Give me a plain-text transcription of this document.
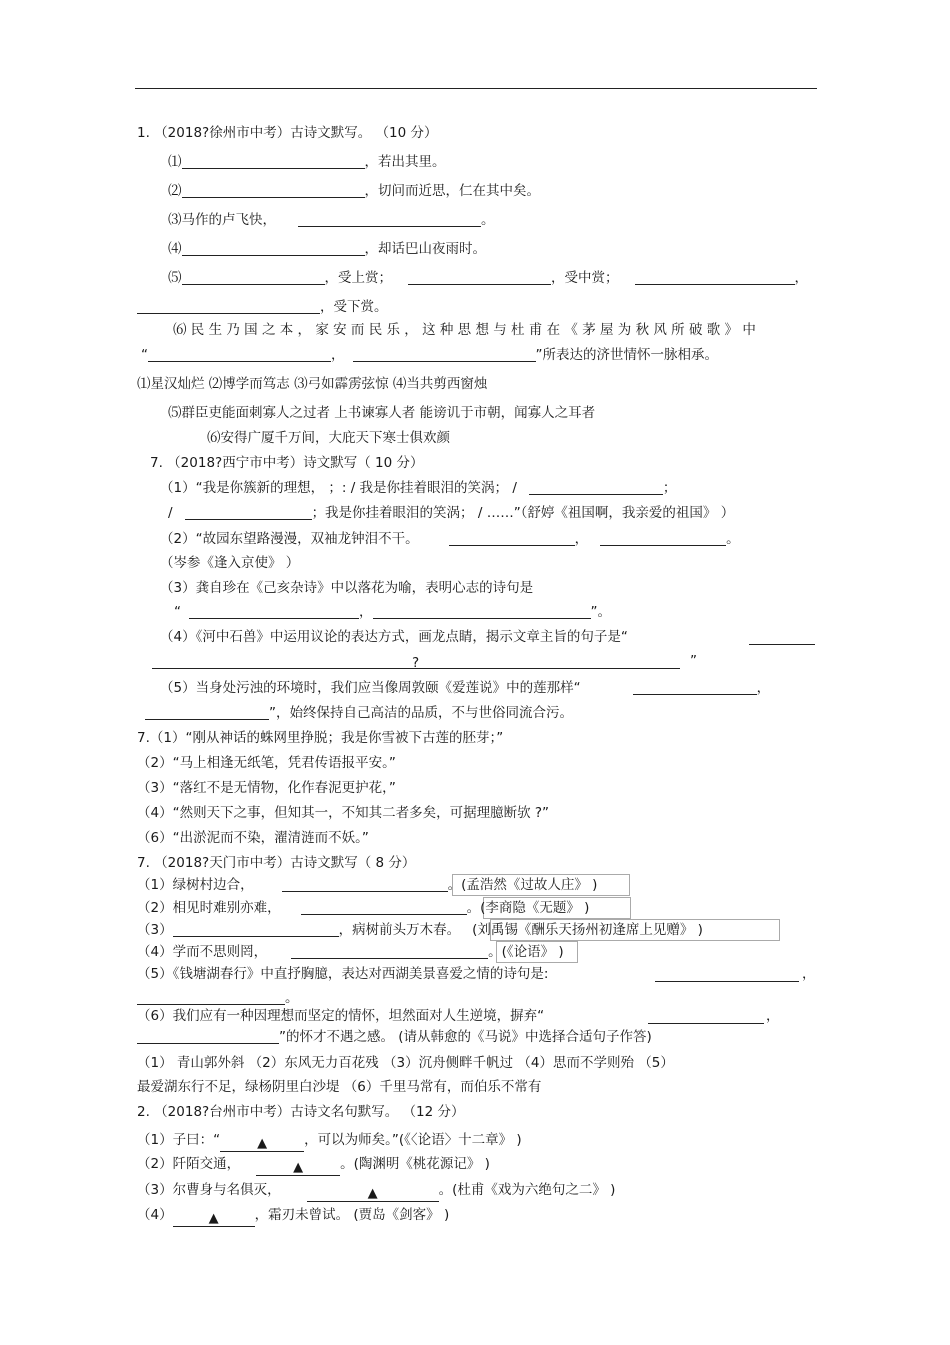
1. （2018?徐州市中考）古诗文默写。 （10 分）
⑴	，若出其里。
⑵	，切问而近思，仁在其中矣。
⑶马作的卢飞快，	。
⑷	，却话巴山夜雨时。
⑸	，受上赏；	，受中赏；	，
，受下赏。
⑹ 民 生 乃 国 之 本 ， 家 安 而 民 乐 ， 这 种 思 想 与 杜 甫 在 《 茅 屋 为 秋 风 所 破 歌 》 中
“	，	”所表达的济世情怀一脉相承。
⑴星汉灿烂 ⑵博学而笃志 ⑶弓如霹雳弦惊 ⑷当共剪西窗烛
⑸群臣吏能面刺寡人之过者 上书谏寡人者 能谤讥于市朝，闻寡人之耳者
⑹安得广厦千万间，大庇天下寒士俱欢颜
7. （2018?西宁市中考）诗文默写（ 10 分）
（1）“我是你簇新的理想， ；: / 我是你挂着眼泪的笑涡； /	；
/	；我是你挂着眼泪的笑涡； / ……”（舒婷《祖国啊，我亲爱的祖国》 ）
（2）“故园东望路漫漫，双袖龙钟泪不干。	，	。
（岑参《逢入京使》 ）
（3）龚自珍在《己亥杂诗》中以落花为喻，表明心志的诗句是
“	，	”。
（4）《河中石兽》中运用议论的表达方式，画龙点睛，揭示文章主旨的句子是“
?	”
（5）当身处污浊的环境时，我们应当像周敦颐《爱莲说》中的莲那样“	，
”，始终保持自己高洁的品质，不与世俗同流合污。
7.（1）“刚从神话的蛛网里挣脱；我是你雪被下古莲的胚芽；”
（2）“马上相逢无纸笔，凭君传语报平安。”
（3）“落红不是无情物，化作春泥更护花，”
（4）“然则天下之事，但知其一，不知其二者多矣，可据理臆断欤 ?”
（6）“出淤泥而不染，濯清涟而不妖。”
7. （2018?天门市中考）古诗文默写（ 8 分）
（1）绿树村边合，	。(孟浩然《过故人庄》 )
（2）相见时难别亦难，	。(李商隐《无题》 )
（3）	，病树前头万木春。 (刘禹锡《酬乐天扬州初逢席上见赠》 )
（4）学而不思则罔，	。(《论语》 )
（5）《钱塘湖春行》中直抒胸臆，表达对西湖美景喜爱之情的诗句是:	，
。
（6）我们应有一种因理想而坚定的情怀，坦然面对人生逆境，摒弃“	，
”的怀才不遇之感。 (请从韩愈的《马说》中选择合适句子作答)
（1） 青山郭外斜 （2）东风无力百花残 （3）沉舟侧畔千帆过 （4）思而不学则殆 （5）
最爱湖东行不足，绿杨阴里白沙堤 （6）千里马常有，而伯乐不常有
2. （2018?台州市中考）古诗文名句默写。 （12 分）
（1）子曰：“	▲	，可以为师矣。”(《〈论语〉十二章》 )
（2）阡陌交通，	▲	。(陶渊明《桃花源记》 )
（3）尔曹身与名俱灭，	▲	。(杜甫《戏为六绝句之二》 )
（4）	▲	，霜刃未曾试。 (贾岛《剑客》 )
